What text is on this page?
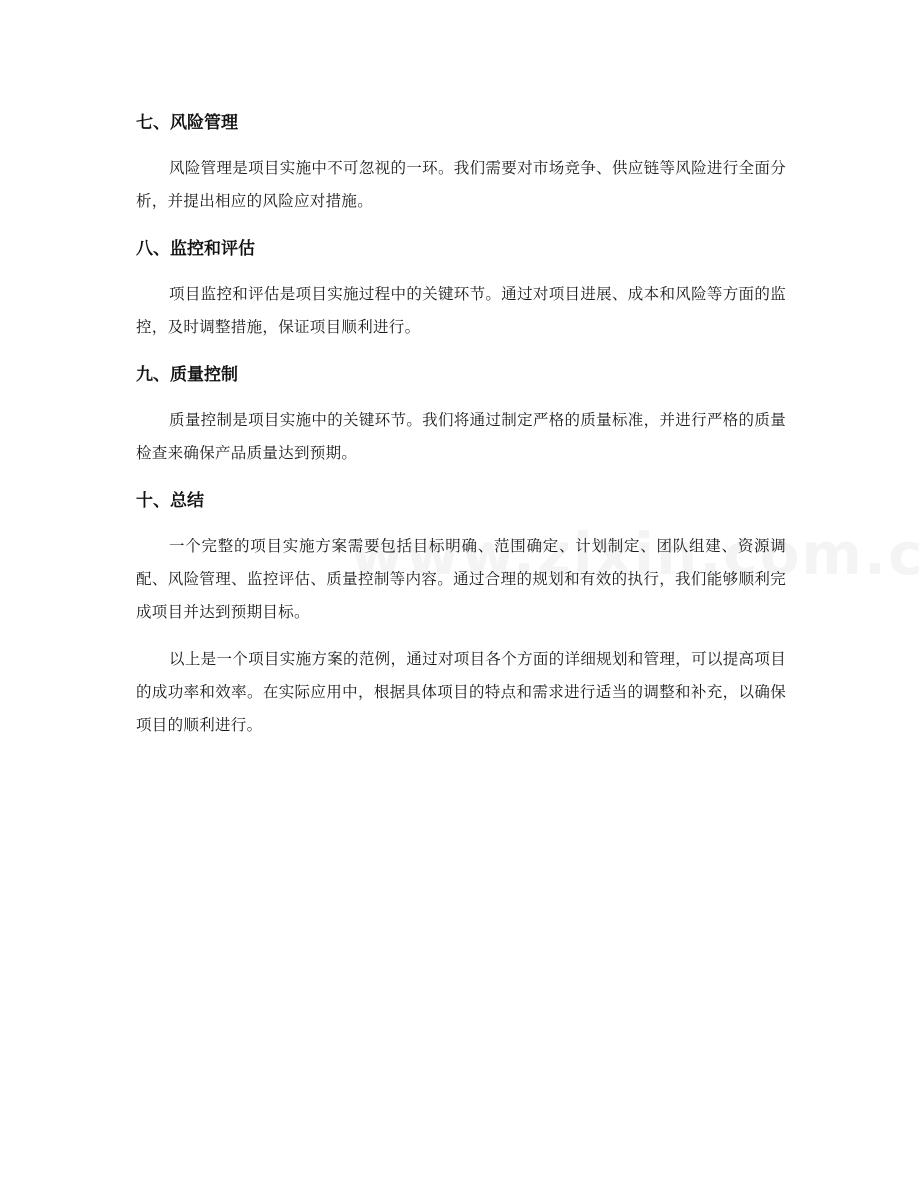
七、风险管理

风险管理是项目实施中不可忽视的一环。我们需要对市场竞争、供应链等风险进行全面分析，并提出相应的风险应对措施。

八、监控和评估

项目监控和评估是项目实施过程中的关键环节。通过对项目进展、成本和风险等方面的监控，及时调整措施，保证项目顺利进行。

九、质量控制

质量控制是项目实施中的关键环节。我们将通过制定严格的质量标准，并进行严格的质量检查来确保产品质量达到预期。

十、总结

一个完整的项目实施方案需要包括目标明确、范围确定、计划制定、团队组建、资源调配、风险管理、监控评估、质量控制等内容。通过合理的规划和有效的执行，我们能够顺利完成项目并达到预期目标。

以上是一个项目实施方案的范例，通过对项目各个方面的详细规划和管理，可以提高项目的成功率和效率。在实际应用中，根据具体项目的特点和需求进行适当的调整和补充，以确保项目的顺利进行。
